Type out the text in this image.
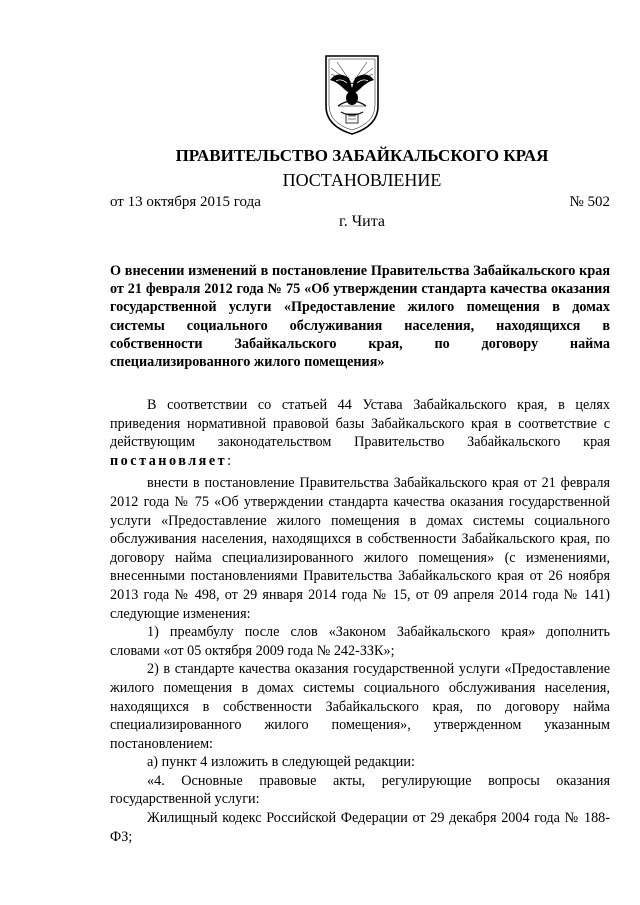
ПРАВИТЕЛЬСТВО ЗАБАЙКАЛЬСКОГО КРАЯ
ПОСТАНОВЛЕНИЕ
от 13 октября 2015 года	№ 502
г. Чита
О внесении изменений в постановление Правительства Забайкальского края от 21 февраля 2012 года № 75 «Об утверждении стандарта качества оказания государственной услуги «Предоставление жилого помещения в домах системы социального обслуживания населения, находящихся в собственности Забайкальского края, по договору найма специализированного жилого помещения»

В соответствии со статьей 44 Устава Забайкальского края, в целях приведения нормативной правовой базы Забайкальского края в соответствие с действующим законодательством Правительство Забайкальского края постановляет:

внести в постановление Правительства Забайкальского края от 21 февраля 2012 года № 75 «Об утверждении стандарта качества оказания государственной услуги «Предоставление жилого помещения в домах системы социального обслуживания населения, находящихся в собственности Забайкальского края, по договору найма специализированного жилого помещения» (с изменениями, внесенными постановлениями Правительства Забайкальского края от 26 ноября 2013 года № 498, от 29 января 2014 года № 15, от 09 апреля 2014 года № 141) следующие изменения:

1) преамбулу после слов «Законом Забайкальского края» дополнить словами «от 05 октября 2009 года № 242-ЗЗК»;

2) в стандарте качества оказания государственной услуги «Предоставление жилого помещения в домах системы социального обслуживания населения, находящихся в собственности Забайкальского края, по договору найма специализированного жилого помещения», утвержденном указанным постановлением:

а) пункт 4 изложить в следующей редакции:

«4. Основные правовые акты, регулирующие вопросы оказания государственной услуги:

Жилищный кодекс Российской Федерации от 29 декабря 2004 года № 188-ФЗ;
